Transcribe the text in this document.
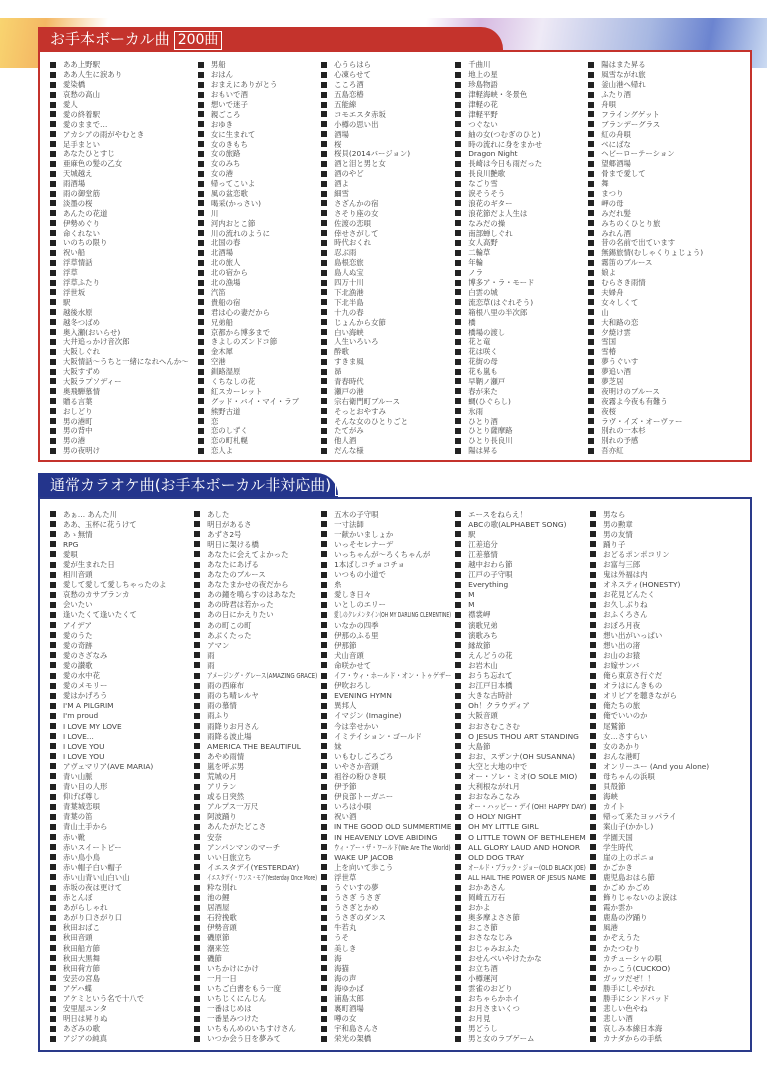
お手本ボーカル曲 200曲
ああ上野駅
ああ人生に涙あり
愛染橋
哀愁の高山
愛人
愛の終着駅
愛のままで…
アカシアの雨がやむとき
足手まとい
あなたひとすじ
亜麻色の髪の乙女
天城越え
雨酒場
雨の御堂筋
淡墨の桜
あんたの花道
伊勢めぐり
命くれない
いのちの限り
祝い船
浮草情話
浮草
浮草ふたり
浮世坂
駅
越後水原
越冬つばめ
奥入瀬(おいらせ)
大井追っかけ音次郎
大阪しぐれ
大阪情話～うちと一緒になれへんか～
大阪すずめ
大阪ラプソディー
奥飛騨慕情
贈る言葉
おしどり
男の港町
男の背中
男の港
男の夜明け
男船
おはん
おまえにありがとう
おもいで酒
想いで迷子
親ごころ
おゆき
女に生まれて
女のきもち
女の旅路
女のみち
女の港
帰ってこいよ
風の盆恋歌
喝采(かっさい)
川
河内おとこ節
川の流れのように
北国の春
北酒場
北の旅人
北の宿から
北の漁場
汽笛
貴船の宿
君は心の妻だから
兄弟船
京都から博多まで
きよしのズンドコ節
金木犀
空港
釧路湿原
くちなしの花
紅スカーレット
グッド・バイ・マイ・ラブ
熊野古道
恋
恋のしずく
恋の町札幌
恋人よ
心うらはら
心凍らせて
こころ酒
五島恋椿
五能線
コモエスタ赤坂
小樽の思い出
酒場
桜
桜貝(2014バージョン)
酒と泪と男と女
酒のやど
酒よ
細雪
さざんかの宿
さそり座の女
佐渡の恋唄
倖せさがして
時代おくれ
忍ぶ雨
島根恋旅
島人ぬ宝
四万十川
下北漁港
下北半島
十九の春
じょんから女節
白い海峡
人生いろいろ
酔歌
すきま風
昴
青春時代
瀬戸の港
宗右衛門町ブルース
そっとおやすみ
そんな女のひとりごと
たてがみ
他人酒
だんな様
千曲川
地上の星
珍島物語
津軽海峡・冬景色
津軽の花
津軽平野
つぐない
紬の女(つむぎのひと)
時の流れに身をまかせ
Dragon Night
長崎は今日も雨だった
長良川艶歌
なごり雪
涙そうそう
浪花のギター
浪花節だよ人生は
なみだの操
南部蝉しぐれ
女人高野
二輪草
年輪
ノラ
博多ア・ラ・モード
白雲の城
流恋草(はぐれそう)
箱根八里の半次郎
橋
橋場の渡し
花と竜
花は咲く
花街の母
花も嵐も
早鞆ノ瀬戸
春が来た
蜩(ひぐらし)
氷雨
ひとり酒
ひとり薩摩路
ひとり長良川
陽は昇る
陽はまた昇る
風雪ながれ旅
釜山港へ帰れ
ふたり酒
舟唄
フライングゲット
ブランデーグラス
紅の舟唄
べにばな
ヘビーローテーション
望郷酒場
骨まで愛して
舞
まつり
岬の母
みだれ髪
みちのくひとり旅
みれん酒
昔の名前で出ています
無錫旅情(むしゃくりょじょう)
霧笛のブルース
娘よ
むらさき雨情
夫婦舟
女々しくて
山
大和路の恋
夕焼け雲
雪国
雪椿
夢うぐいす
夢追い酒
夢芝居
夜明けのブルース
夜霧よ今夜も有難う
夜桜
ラヴ・イズ・オーヴァー
別れの一本杉
別れの予感
吾亦紅
通常カラオケ曲(お手本ボーカル非対応曲) 1000曲
あぁ… あんた川
ああ、玉杯に花うけて
あゝ無情
RPG
愛唄
愛が生まれた日
相川音頭
愛して愛して愛しちゃったのよ
哀愁のカサブランカ
会いたい
逢いたくて逢いたくて
アイデア
愛のうた
愛の奇跡
愛のさざなみ
愛の讃歌
愛の水中花
愛のメモリー
愛はかげろう
I'M A PILGRIM
I'm proud
I LOVE MY LOVE
I LOVE...
I LOVE YOU
I LOVE YOU
アヴェマリア(AVE MARIA)
青い山脈
青い目の人形
仰げば尊し
青葉城恋唄
青葉の笛
青山土手から
赤い靴
赤いスイートピー
赤い鳥小鳥
赤い帽子白い帽子
赤い山青い山白い山
赤坂の夜は更けて
赤とんぼ
あがらしゃれ
あがり口さがり口
秋田おばこ
秋田音頭
秋田船方節
秋田大黒舞
秋田荷方節
安芸の宮島
アゲハ蝶
アケミという名で十八で
安里屋ユンタ
明日は昇りぬ
あざみの歌
アジアの純真
あした
明日があるさ
あずさ2号
明日に架ける橋
あなたに会えてよかった
あなたにあげる
あなたのブルース
あなたまかせの夜だから
あの鐘を鳴らすのはあなた
あの時君は若かった
あの日にかえりたい
あの町この町
あぶくたった
アマン
雨
雨
アメージング・グレース(AMAZING GRACE)
雨の西麻布
雨のち晴レルヤ
雨の慕情
雨ふり
雨降りお月さん
雨降る波止場
AMERICA THE BEAUTIFUL
あやめ雨情
嵐を呼ぶ男
荒城の月
アリラン
或る日突然
アルプス一万尺
阿波踊り
あんたがたどこさ
安奈
アンパンマンのマーチ
いい日旅立ち
イエスタデイ(YESTERDAY)
イエスタデイ・ワンス・モア(Yesterday Once More)
粋な別れ
池の鯉
居酒屋
石狩挽歌
伊勢音頭
磯原節
潮来笠
磯節
いちかけにかけ
一月一日
いちご白書をもう一度
いちじくにんじん
一番はじめは
一番星みつけた
いちもんめのいちすけさん
いつか会う日を夢みて
五木の子守唄
一寸法師
一献かいましょか
いっそセレナーデ
いっちゃんが～ろくちゃんが
1本ばしコチョコチョ
いつもの小道で
糸
愛しき日々
いとしのエリー
愛しのクレメンタイン(OH MY DARLING CLEMENTINE)
いなかの四季
伊那のふる里
伊那節
犬山音頭
命咲かせて
イフ・ウィ・ホールド・オン・トゥゲザー
伊吹おろし
EVENING HYMN
異邦人
イマジン (Imagine)
今は幸せかい
イミテイション・ゴールド
妹
いもむしごろごろ
いやさか音頭
祖谷の粉ひき唄
伊予節
伊良部トーガニー
いろは小唄
祝い酒
IN THE GOOD OLD SUMMERTIME
IN HEAVENLY LOVE ABIDING
ウィ・アー・ザ・ワールド(We Are The World)
WAKE UP JACOB
上を向いて歩こう
浮世草
うぐいすの夢
うさぎ うさぎ
うさぎとかめ
うさぎのダンス
牛若丸
うそ
美しき
海
海猫
海の声
海ゆかば
浦島太郎
裏町酒場
噂の女
宇和島さんさ
栄光の架橋
エースをねらえ！
ABCの歌(ALPHABET SONG)
駅
江差追分
江差慕情
越中おわら節
江戸の子守唄
Everything
M
M
襟裳岬
演歌兄弟
演歌みち
縁故節
えんどうの花
お岩木山
おうち忘れて
お江戸日本橋
大きな古時計
Oh！クラウディア
大阪音頭
おおさむこさむ
O JESUS THOU ART STANDING
大島節
おお、スザンナ(OH SUSANNA)
大空と大地の中で
オー・ソレ・ミオ(O SOLE MIO)
大利根ながれ月
おおなみこなみ
オー・ハッピー・デイ(OH! HAPPY DAY)
O HOLY NIGHT
OH MY LITTLE GIRL
O LITTLE TOWN OF BETHLEHEM
ALL GLORY LAUD AND HONOR
OLD DOG TRAY
オールド・ブラック・ジョー(OLD BLACK JOE)
ALL HAIL THE POWER OF JESUS NAME
おかあさん
岡崎五万石
おかよ
奥多摩よささ節
おこさ節
おさななじみ
おじゃみおふた
おせんべいやけたかな
お立ち酒
小樽運河
雲雀のおどり
おちゃらかホイ
お月さまいくつ
お月見
男どうし
男と女のラブゲーム
男なら
男の勲章
男の友情
踊り子
おどるポンポコリン
お富与三郎
鬼は外福は内
オネスティ(HONESTY)
お花見どんたく
お久しぶりね
おふくろさん
おぼろ月夜
想い出がいっぱい
想い出の渚
お山のお猿
お嫁サンバ
俺ら東京さ行ぐだ
オラはにんきもの
オリビアを聴きながら
俺たちの旅
俺でいいのか
尾鷲節
女…さすらい
女のあかり
おんな港町
オンリーユー (And you Alone)
母ちゃんの浜唄
貝殻節
海峡
カイト
帰って来たヨッパライ
案山子(かかし)
学園天国
学生時代
崖の上のポニョ
かごかき
鹿児島おはら節
かごめ かごめ
飾りじゃないのよ涙は
霞か雲か
鹿島の汐踊り
風港
かぞえうた
かたつむり
カチューシャの唄
かっこう(CUCKOO)
ガッツだぜ！！
勝手にしやがれ
勝手にシンドバッド
悲しい色やね
悲しい酒
哀しみ本線日本海
カナダからの手紙
